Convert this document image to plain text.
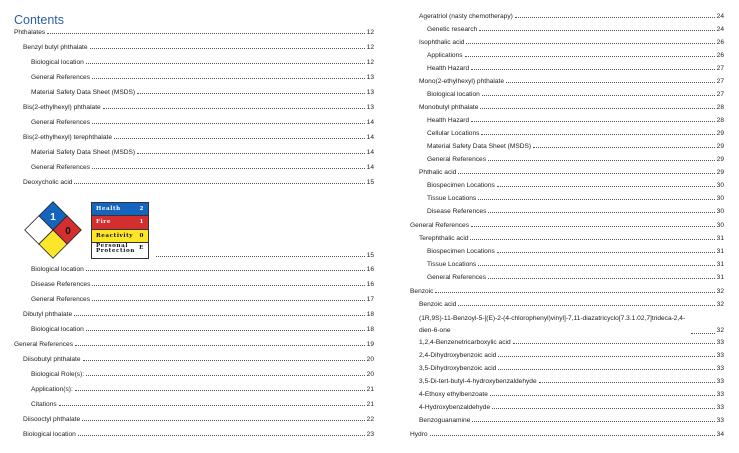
Contents
Phthalates	12
Benzyl butyl phthalate	12
Biological location	12
General References	13
Material Safety Data Sheet (MSDS)	13
Bis(2-ethylhexyl) phthalate	13
General References	14
Bis(2-ethylhexyl) terephthalate	14
Material Safety Data Sheet (MSDS)	14
General References	14
Deoxycholic acid	15
15
Biological location	16
Disease References	16
General References	17
Dibutyl phthalate	18
Biological location	18
General References	19
Diisobutyl phthalate	20
Biological Role(s):	20
Application(s):	21
Citations	21
Diisooctyl phthalate	22
Biological location	23
Ageratriol (nasty chemotherapy)	24
Genetic research	24
Isophthalic acid	26
Applications	26
Health Hazard	27
Mono(2-ethylhexyl) phthalate	27
Biological location	27
Monobutyl phthalate	28
Health Hazard	28
Cellular Locations	29
Material Safety Data Sheet (MSDS)	29
General References	29
Phthalic acid	29
Biospecimen Locations	30
Tissue Locations	30
Disease References	30
General References	30
Terephthalic acid	31
Biospecimen Locations	31
Tissue Locations	31
General References	31
Benzoic	32
Benzoic acid	32
(1R,9S)-11-Benzoyl-5-[(E)-2-(4-chlorophenyl)vinyl]-7,11-diazatricyclo[7.3.1.02,7]trideca-2,4-dien-6-one	32
1,2,4-Benzenetricarboxylic acid	33
2,4-Dihydroxybenzoic acid	33
3,5-Dihydroxybenzoic acid	33
3,5-Di-tert-butyl-4-hydroxybenzaldehyde	33
4-Ethoxy ethylbenzoate	33
4-Hydroxybenzaldehyde	33
Benzoguanamine	33
Hydro	34
1
2 0
Health	2
Fire	1
Reactivity 0
Personal
Protection E
